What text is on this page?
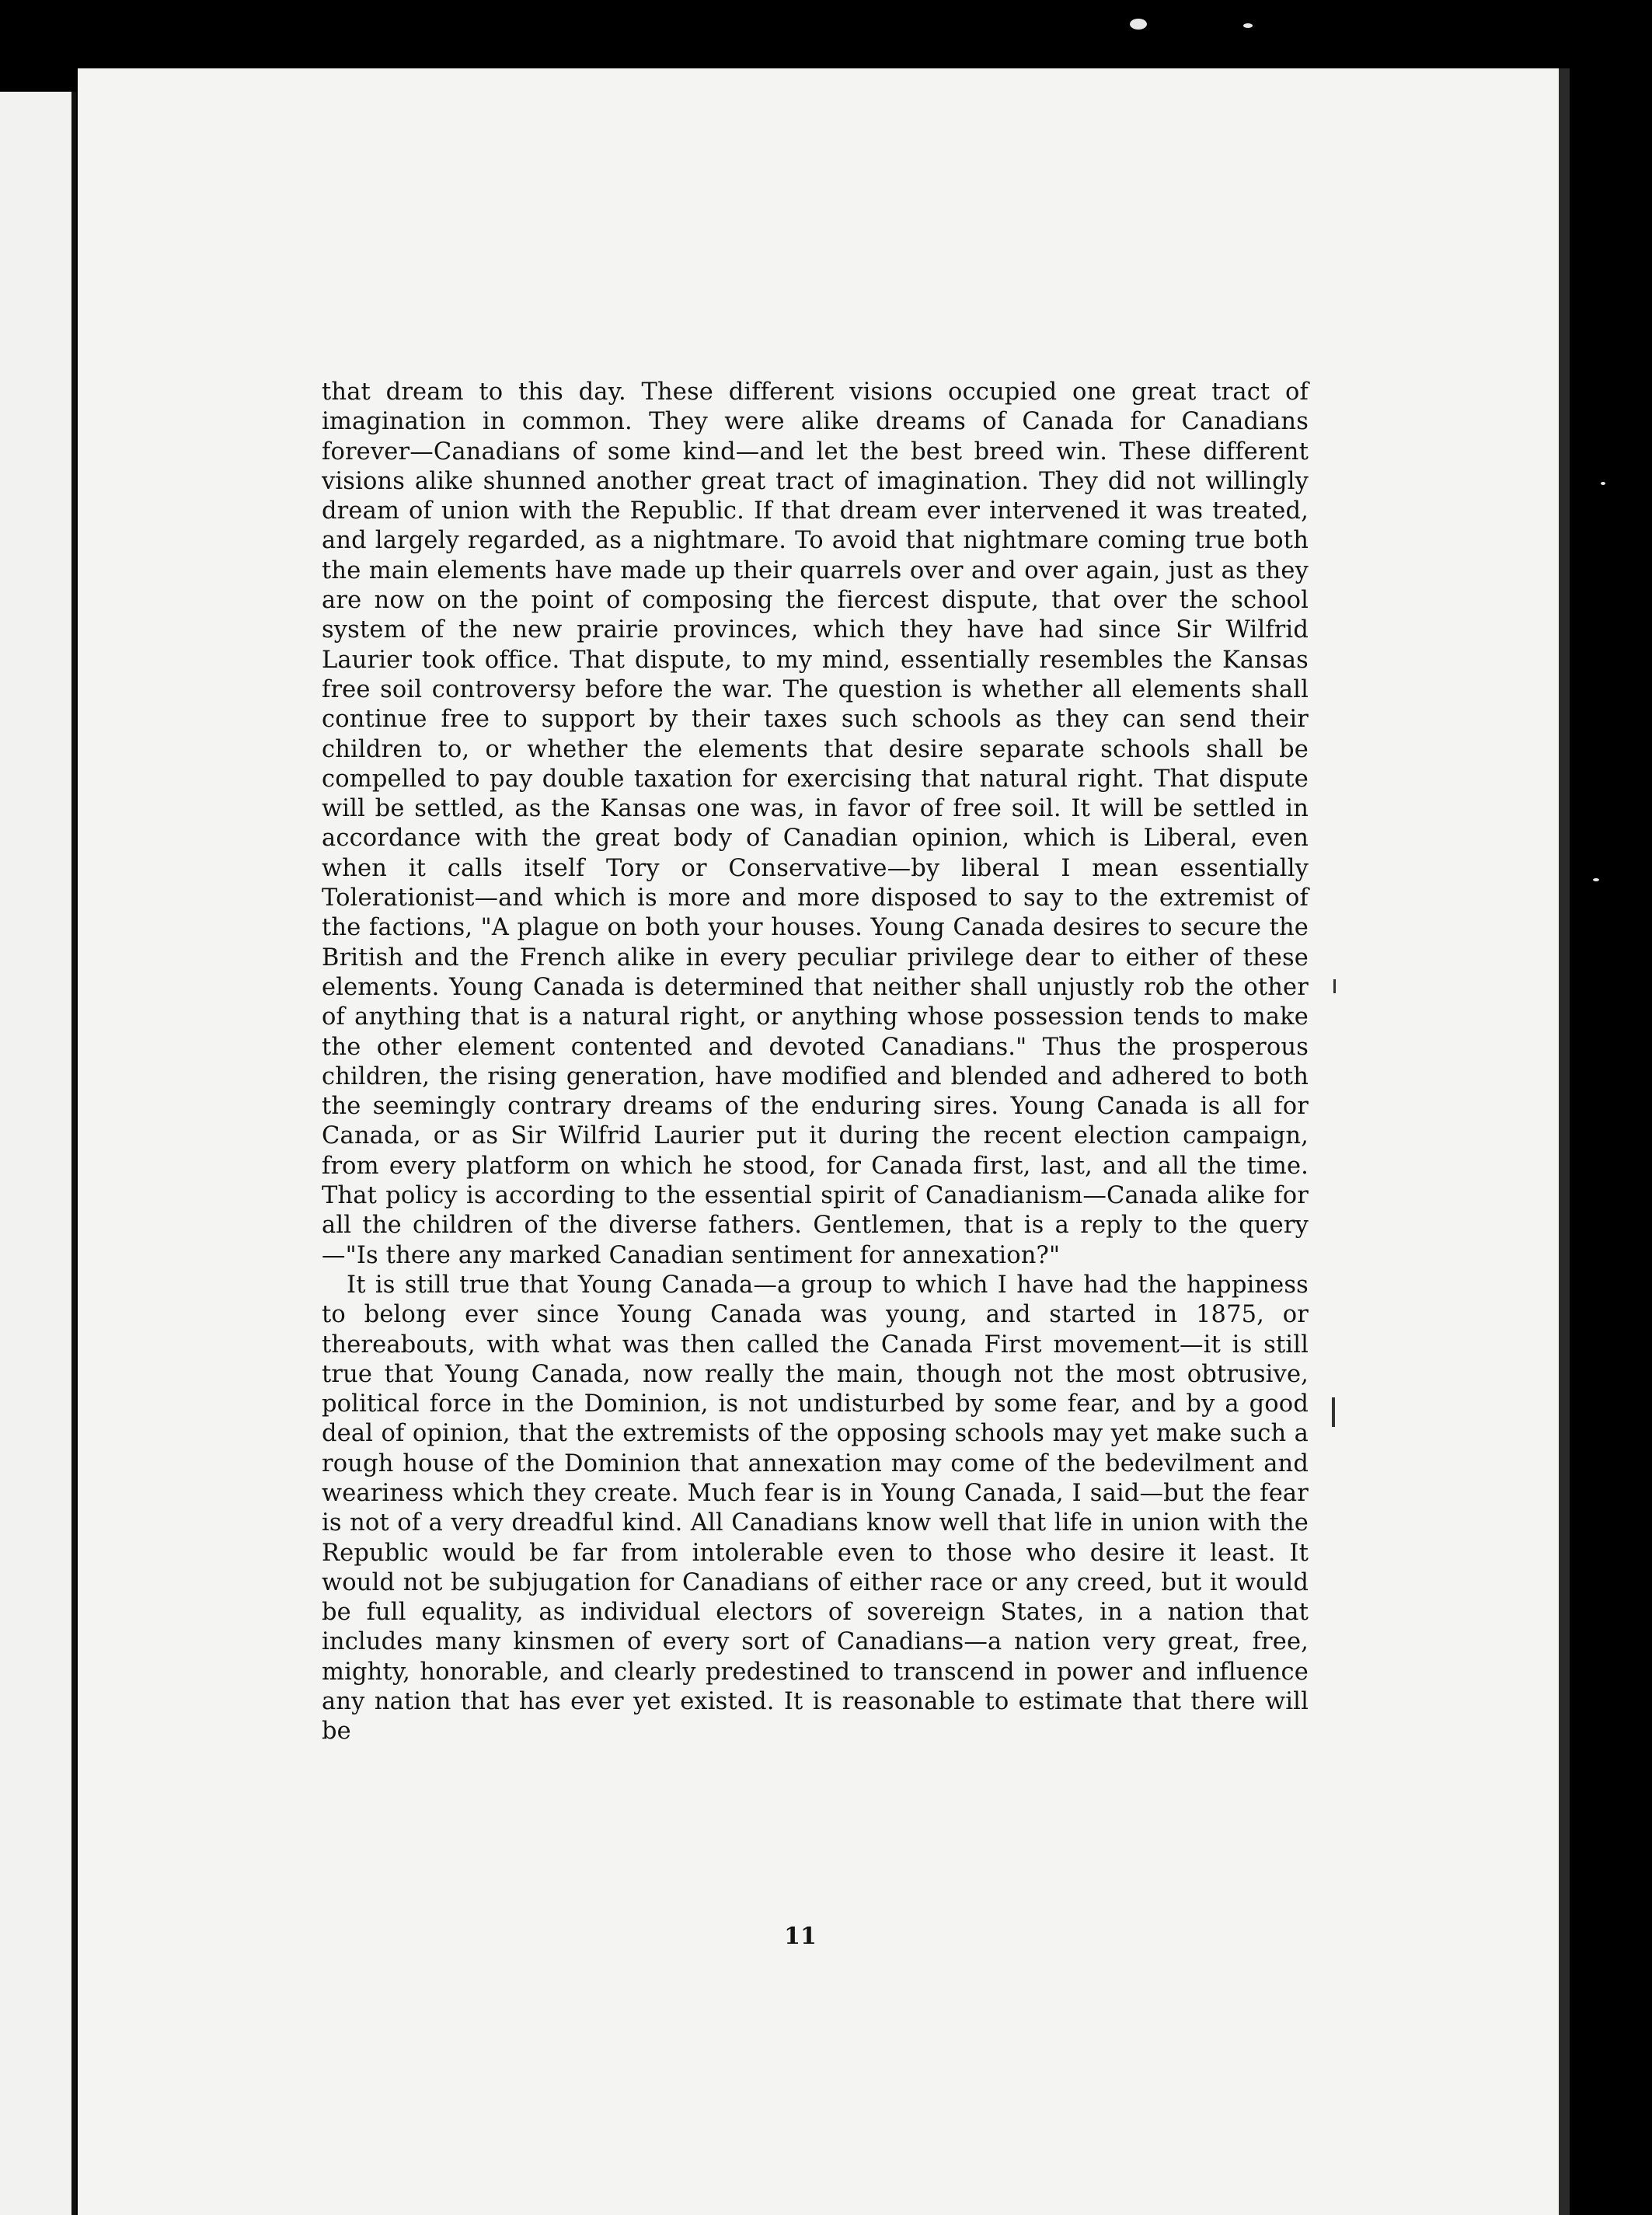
that dream to this day. These different visions occupied one great tract of imagination in common. They were alike dreams of Canada for Canadians forever—Canadians of some kind—and let the best breed win. These different visions alike shunned another great tract of imagination. They did not willingly dream of union with the Republic. If that dream ever intervened it was treated, and largely regarded, as a nightmare. To avoid that nightmare coming true both the main elements have made up their quarrels over and over again, just as they are now on the point of composing the fiercest dispute, that over the school system of the new prairie provinces, which they have had since Sir Wilfrid Laurier took office. That dispute, to my mind, essentially resembles the Kansas free soil controversy before the war. The question is whether all elements shall continue free to support by their taxes such schools as they can send their children to, or whether the elements that desire separate schools shall be compelled to pay double taxation for exercising that natural right. That dispute will be settled, as the Kansas one was, in favor of free soil. It will be settled in accordance with the great body of Canadian opinion, which is Liberal, even when it calls itself Tory or Conservative—by liberal I mean essentially Tolerationist—and which is more and more disposed to say to the extremist of the factions, "A plague on both your houses. Young Canada desires to secure the British and the French alike in every peculiar privilege dear to either of these elements. Young Canada is determined that neither shall unjustly rob the other of anything that is a natural right, or anything whose possession tends to make the other element contented and devoted Canadians." Thus the prosperous children, the rising generation, have modified and blended and adhered to both the seemingly contrary dreams of the enduring sires. Young Canada is all for Canada, or as Sir Wilfrid Laurier put it during the recent election campaign, from every platform on which he stood, for Canada first, last, and all the time. That policy is according to the essential spirit of Canadianism—Canada alike for all the children of the diverse fathers. Gentlemen, that is a reply to the query—"Is there any marked Canadian sentiment for annexation?"

It is still true that Young Canada—a group to which I have had the happiness to belong ever since Young Canada was young, and started in 1875, or thereabouts, with what was then called the Canada First movement—it is still true that Young Canada, now really the main, though not the most obtrusive, political force in the Dominion, is not undisturbed by some fear, and by a good deal of opinion, that the extremists of the opposing schools may yet make such a rough house of the Dominion that annexation may come of the bedevilment and weariness which they create. Much fear is in Young Canada, I said—but the fear is not of a very dreadful kind. All Canadians know well that life in union with the Republic would be far from intolerable even to those who desire it least. It would not be subjugation for Canadians of either race or any creed, but it would be full equality, as individual electors of sovereign States, in a nation that includes many kinsmen of every sort of Canadians—a nation very great, free, mighty, honorable, and clearly predestined to transcend in power and influence any nation that has ever yet existed. It is reasonable to estimate that there will be

11
